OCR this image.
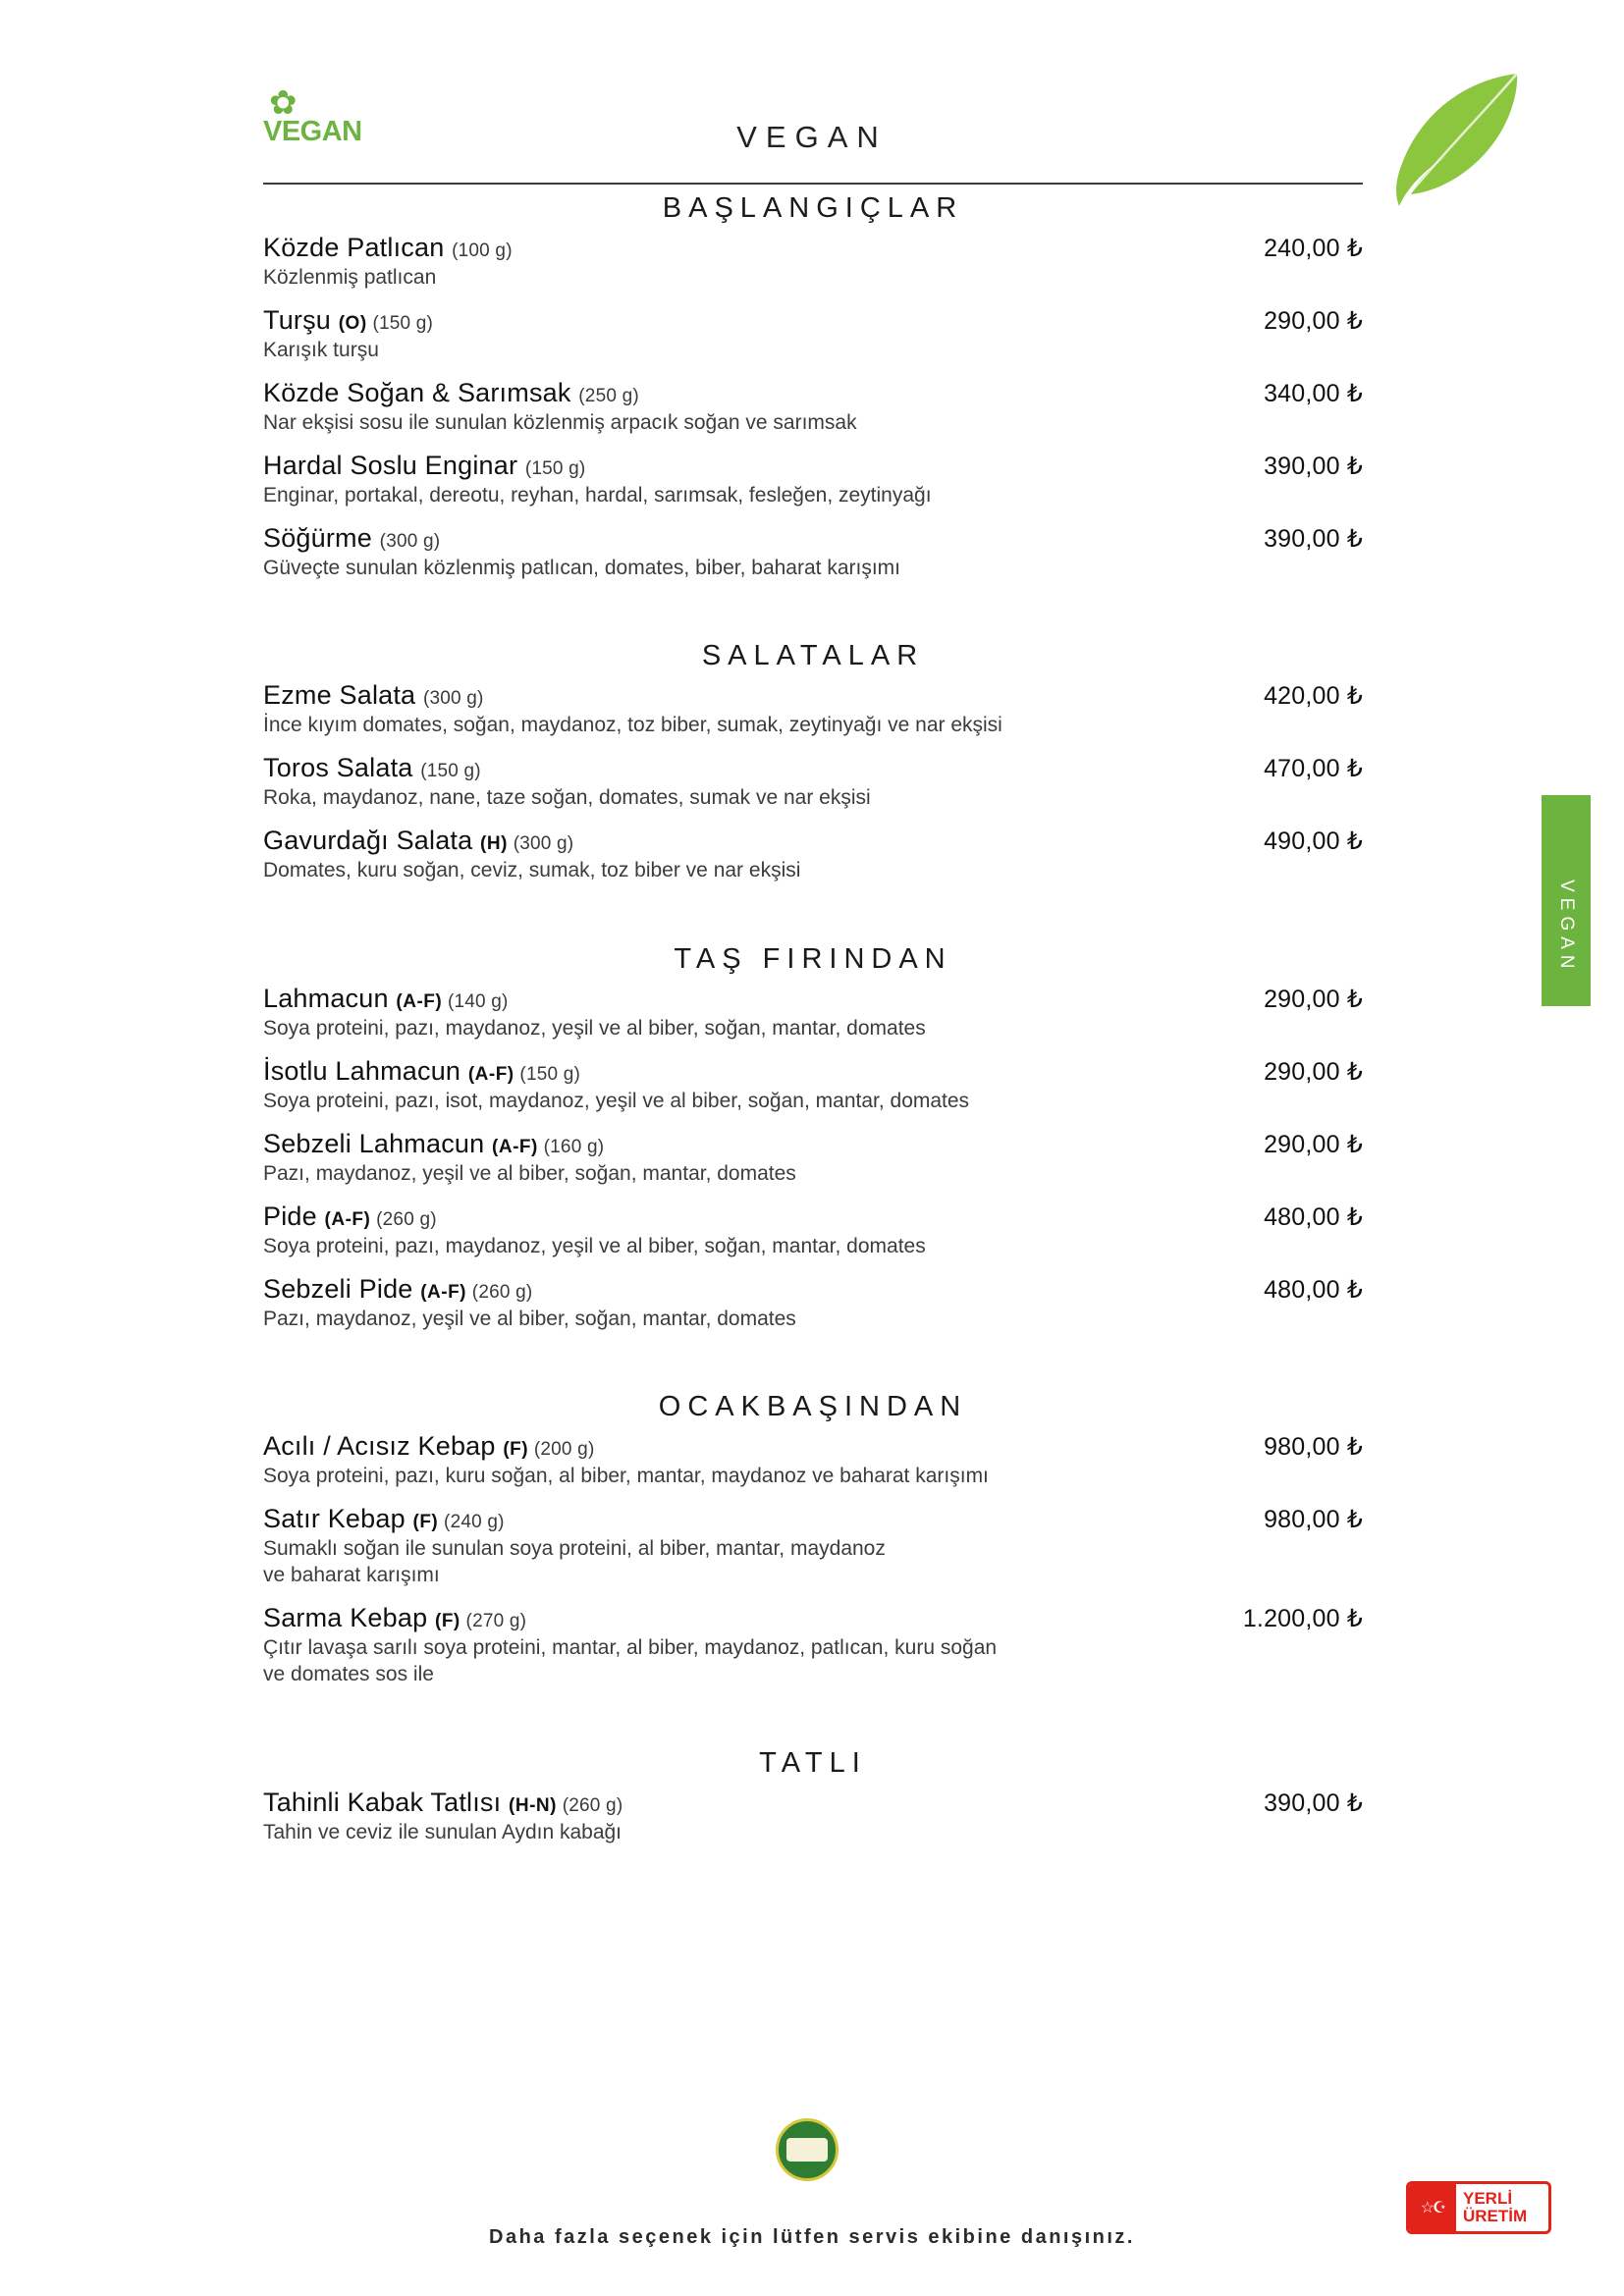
✿
VEGAN	VEGAN
VEGAN
BAŞLANGIÇLAR
Közde Patlıcan (100 g)	240,00 ₺
Közlenmiş patlıcan
Turşu (O) (150 g)	290,00 ₺
Karışık turşu
Közde Soğan & Sarımsak (250 g)	340,00 ₺
Nar ekşisi sosu ile sunulan közlenmiş arpacık soğan ve sarımsak
Hardal Soslu Enginar (150 g)	390,00 ₺
Enginar, portakal, dereotu, reyhan, hardal, sarımsak, fesleğen, zeytinyağı
Söğürme (300 g)	390,00 ₺
Güveçte sunulan közlenmiş patlıcan, domates, biber, baharat karışımı
SALATALAR
Ezme Salata (300 g)	420,00 ₺
İnce kıyım domates, soğan, maydanoz, toz biber, sumak, zeytinyağı ve nar ekşisi
Toros Salata (150 g)	470,00 ₺
Roka, maydanoz, nane, taze soğan, domates, sumak ve nar ekşisi
Gavurdağı Salata (H) (300 g)	490,00 ₺
Domates, kuru soğan, ceviz, sumak, toz biber ve nar ekşisi
TAŞ FIRINDAN
Lahmacun (A-F) (140 g)	290,00 ₺
Soya proteini, pazı, maydanoz, yeşil ve al biber, soğan, mantar, domates
İsotlu Lahmacun (A-F) (150 g)	290,00 ₺
Soya proteini, pazı, isot, maydanoz, yeşil ve al biber, soğan, mantar, domates
Sebzeli Lahmacun (A-F) (160 g)	290,00 ₺
Pazı, maydanoz, yeşil ve al biber, soğan, mantar, domates
Pide (A-F) (260 g)	480,00 ₺
Soya proteini, pazı, maydanoz, yeşil ve al biber, soğan, mantar, domates
Sebzeli Pide (A-F) (260 g)	480,00 ₺
Pazı, maydanoz, yeşil ve al biber, soğan, mantar, domates
OCAKBAŞINDAN
Acılı / Acısız Kebap (F) (200 g)	980,00 ₺
Soya proteini, pazı, kuru soğan, al biber, mantar, maydanoz ve baharat karışımı
Satır Kebap (F) (240 g)	980,00 ₺
Sumaklı soğan ile sunulan soya proteini, al biber, mantar, maydanoz
ve baharat karışımı
Sarma Kebap (F) (270 g)	1.200,00 ₺
Çıtır lavaşa sarılı soya proteini, mantar, al biber, maydanoz, patlıcan, kuru soğan
ve domates sos ile
TATLI
Tahinli Kabak Tatlısı (H-N) (260 g)	390,00 ₺
Tahin ve ceviz ile sunulan Aydın kabağı
Daha fazla seçenek için lütfen servis ekibine danışınız.
☆☪
YERLİ
ÜRETİM
